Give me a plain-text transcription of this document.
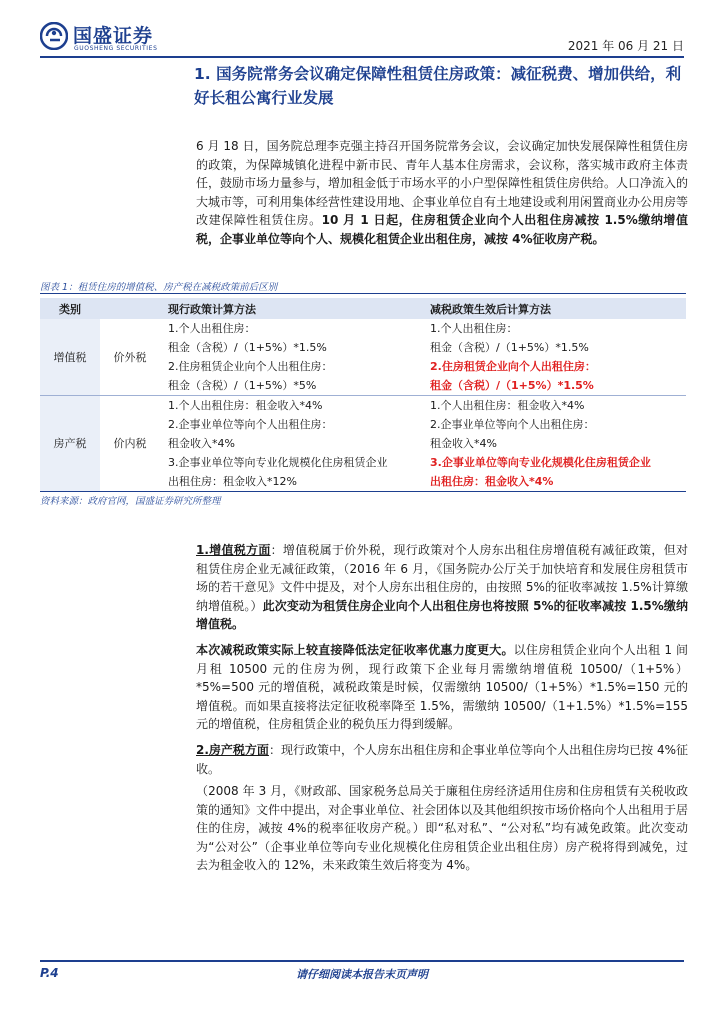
国盛证券
GUOSHENG SECURITIES	2021 年 06 月 21 日
1. 国务院常务会议确定保障性租赁住房政策：减征税费、增加供给，利好长租公寓行业发展

6 月 18 日，国务院总理李克强主持召开国务院常务会议，会议确定加快发展保障性租赁住房的政策，为保障城镇化进程中新市民、青年人基本住房需求，会议称，落实城市政府主体责任，鼓励市场力量参与，增加租金低于市场水平的小户型保障性租赁住房供给。人口净流入的大城市等，可利用集体经营性建设用地、企事业单位自有土地建设或利用闲置商业办公用房等改建保障性租赁住房。10 月 1 日起，住房租赁企业向个人出租住房减按 1.5%缴纳增值税，企事业单位等向个人、规模化租赁企业出租住房，减按 4%征收房产税。

图表 1：租赁住房的增值税、房产税在减税政策前后区别
类别		现行政策计算方法	减税政策生效后计算方法
增值税	价外税	1.个人出租住房：	1.个人出租住房：
		租金（含税）/（1+5%）*1.5%	租金（含税）/（1+5%）*1.5%
		2.住房租赁企业向个人出租住房：	2.住房租赁企业向个人出租住房：
		租金（含税）/（1+5%）*5%	租金（含税）/（1+5%）*1.5%
房产税	价内税	1.个人出租住房：租金收入*4%	1.个人出租住房：租金收入*4%
		2.企事业单位等向个人出租住房：	2.企事业单位等向个人出租住房：
		租金收入*4%	租金收入*4%
		3.企事业单位等向专业化规模化住房租赁企业	3.企事业单位等向专业化规模化住房租赁企业
		出租住房：租金收入*12%	出租住房：租金收入*4%
资料来源：政府官网，国盛证券研究所整理

1.增值税方面：增值税属于价外税，现行政策对个人房东出租住房增值税有减征政策，但对租赁住房企业无减征政策，（2016 年 6 月，《国务院办公厅关于加快培育和发展住房租赁市场的若干意见》文件中提及，对个人房东出租住房的，由按照 5%的征收率减按 1.5%计算缴纳增值税。）此次变动为租赁住房企业向个人出租住房也将按照 5%的征收率减按 1.5%缴纳增值税。

本次减税政策实际上较直接降低法定征收率优惠力度更大。以住房租赁企业向个人出租 1 间月租 10500 元的住房为例，现行政策下企业每月需缴纳增值税 10500/（1+5%）*5%=500 元的增值税，减税政策是时候，仅需缴纳 10500/（1+5%）*1.5%=150 元的增值税。而如果直接将法定征收税率降至 1.5%，需缴纳 10500/（1+1.5%）*1.5%=155 元的增值税，住房租赁企业的税负压力得到缓解。

2.房产税方面：现行政策中，个人房东出租住房和企事业单位等向个人出租住房均已按 4%征收。

（2008 年 3 月，《财政部、国家税务总局关于廉租住房经济适用住房和住房租赁有关税收政策的通知》文件中提出，对企事业单位、社会团体以及其他组织按市场价格向个人出租用于居住的住房，减按 4%的税率征收房产税。）即“私对私”、“公对私”均有减免政策。此次变动为“公对公”（企事业单位等向专业化规模化住房租赁企业出租住房）房产税将得到减免，过去为租金收入的 12%，未来政策生效后将变为 4%。

P.4	请仔细阅读本报告末页声明
